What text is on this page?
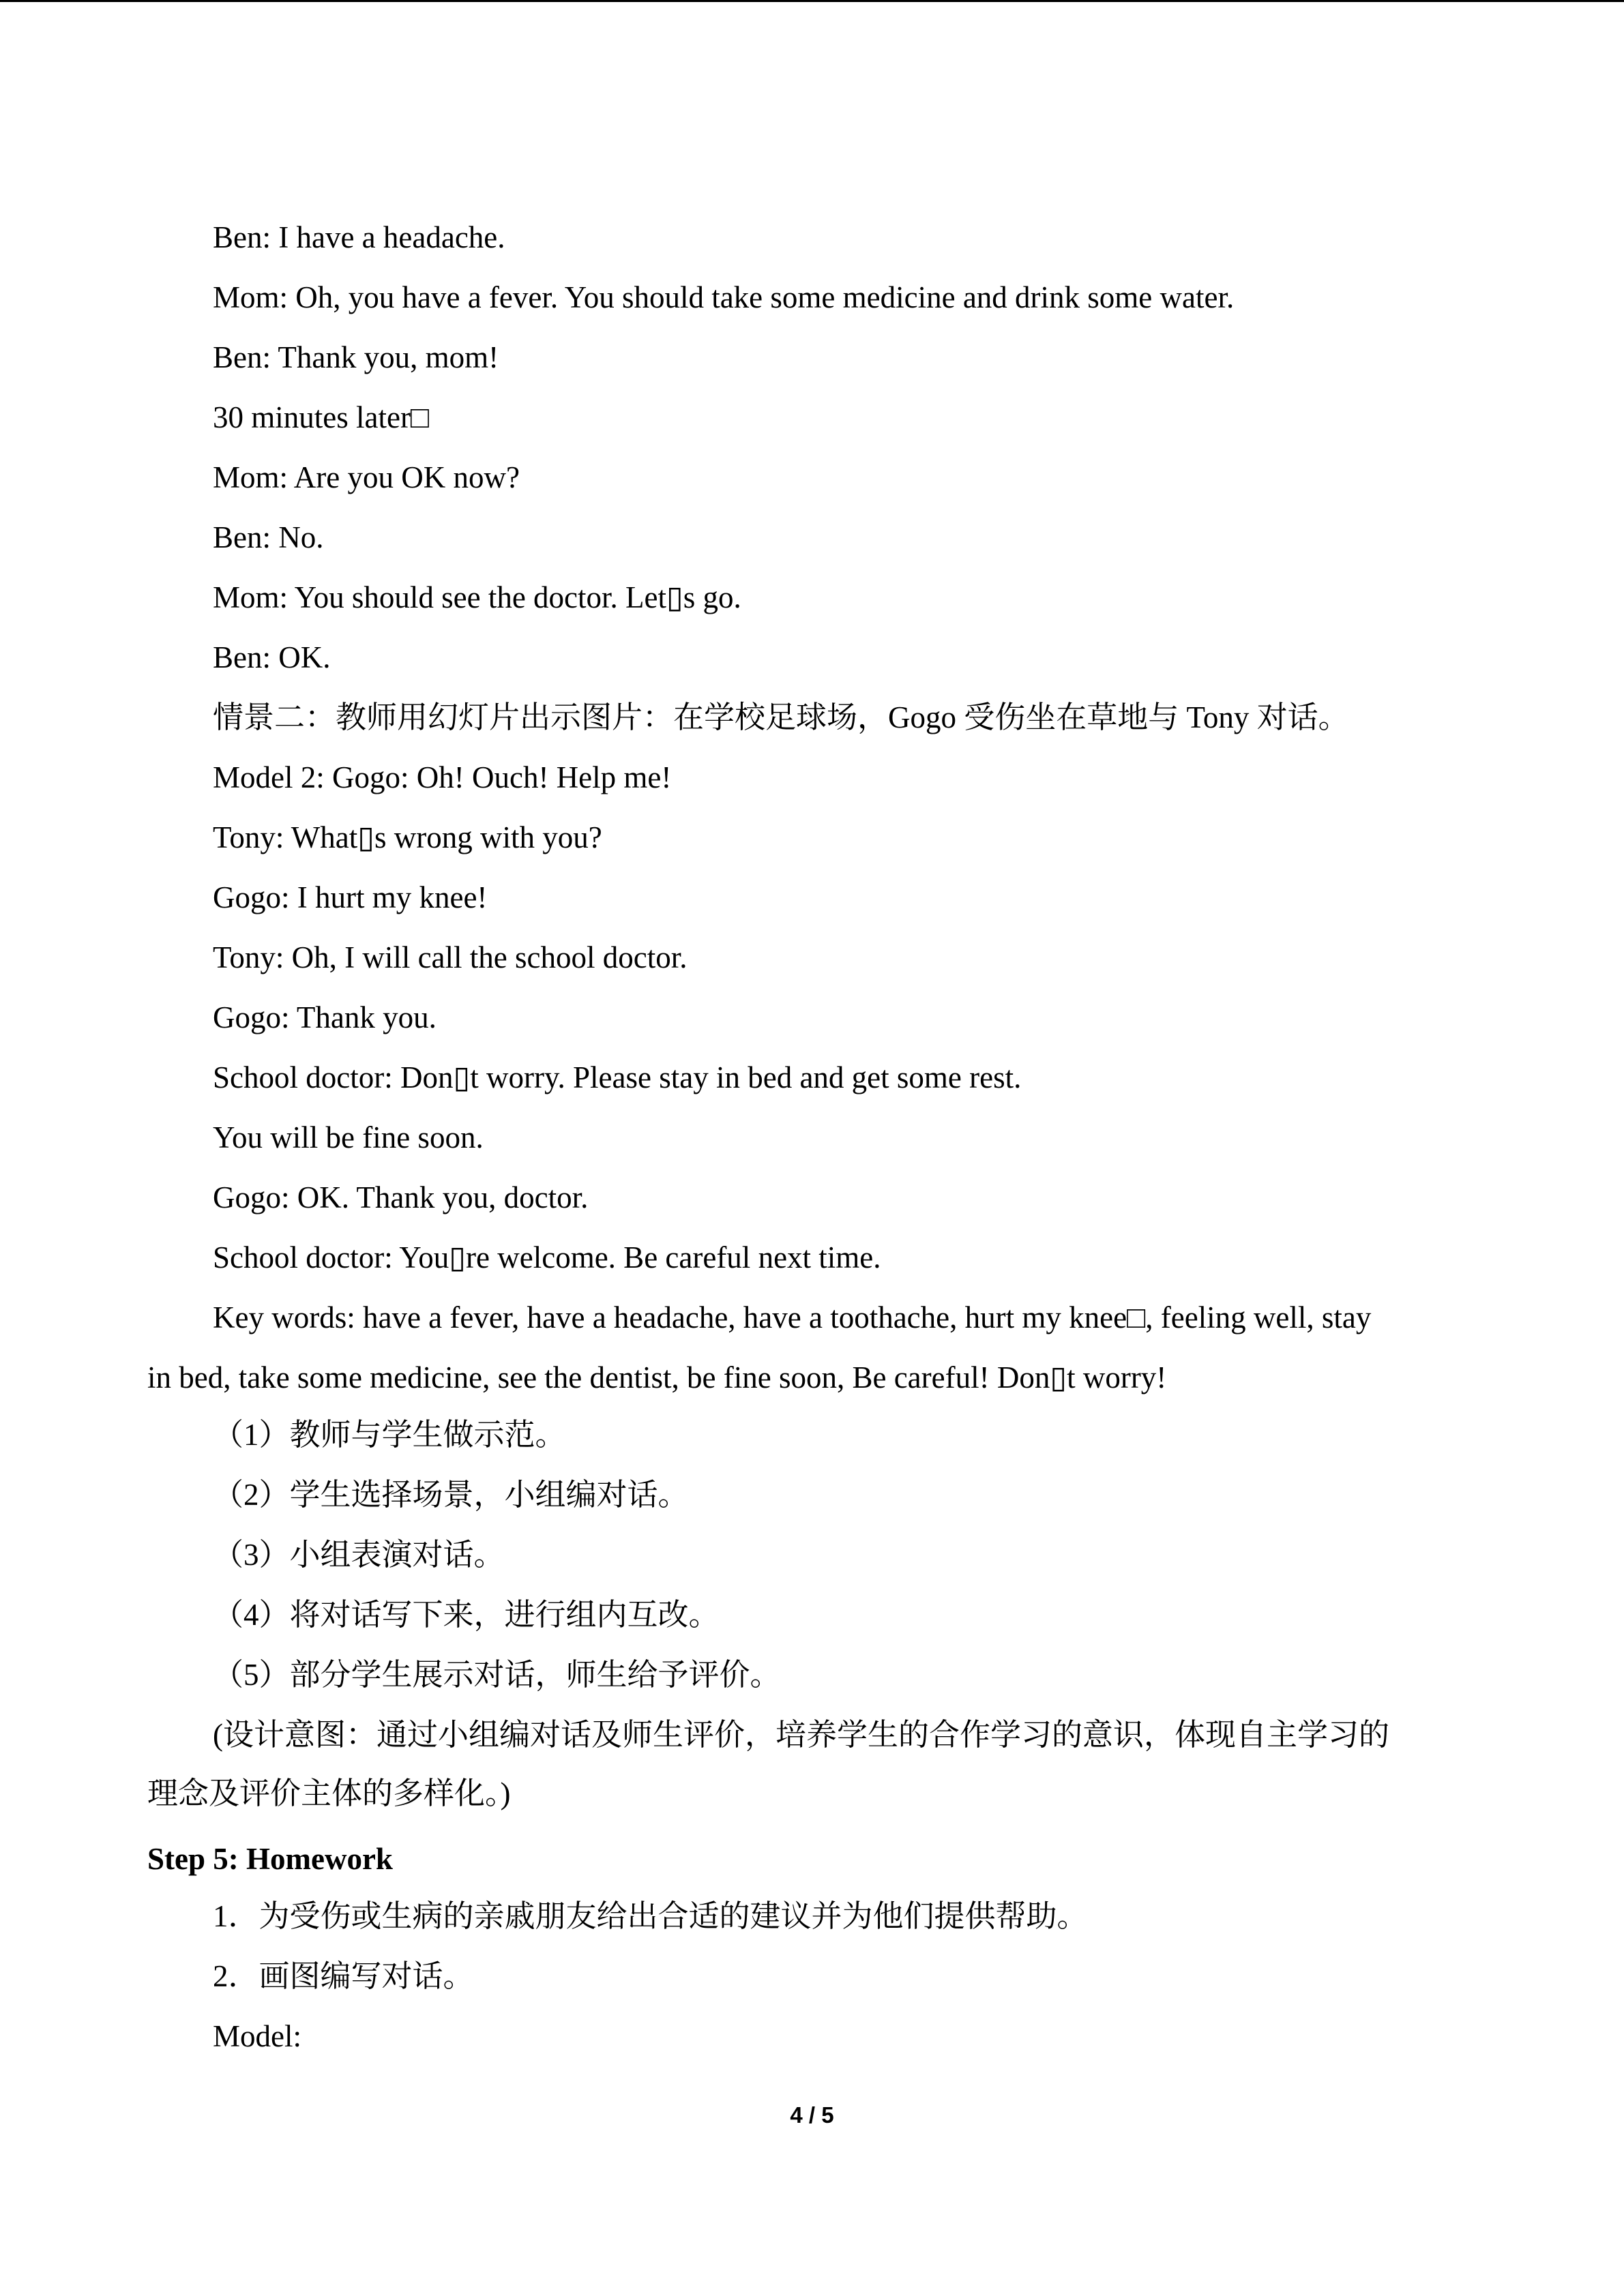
Ben: I have a headache.
Mom: Oh, you have a fever. You should take some medicine and drink some water.
Ben: Thank you, mom!
30 minutes later□
Mom: Are you OK now?
Ben: No.
Mom: You should see the doctor. Let▯s go.
Ben: OK.
情景二：教师用幻灯片出示图片：在学校足球场，Gogo 受伤坐在草地与 Tony 对话。
Model 2: Gogo: Oh! Ouch! Help me!
Tony: What▯s wrong with you?
Gogo: I hurt my knee!
Tony: Oh, I will call the school doctor.
Gogo: Thank you.
School doctor: Don▯t worry. Please stay in bed and get some rest.
You will be fine soon.
Gogo: OK. Thank you, doctor.
School doctor: You▯re welcome. Be careful next time.
Key words: have a fever, have a headache, have a toothache, hurt my knee□, feeling well, stay
in bed, take some medicine, see the dentist, be fine soon, Be careful! Don▯t worry!
（1）教师与学生做示范。
（2）学生选择场景，小组编对话。
（3）小组表演对话。
（4）将对话写下来，进行组内互改。
（5）部分学生展示对话，师生给予评价。
(设计意图：通过小组编对话及师生评价，培养学生的合作学习的意识，体现自主学习的
理念及评价主体的多样化。)
Step 5: Homework
1．为受伤或生病的亲戚朋友给出合适的建议并为他们提供帮助。
2．画图编写对话。
Model:
4 / 5
